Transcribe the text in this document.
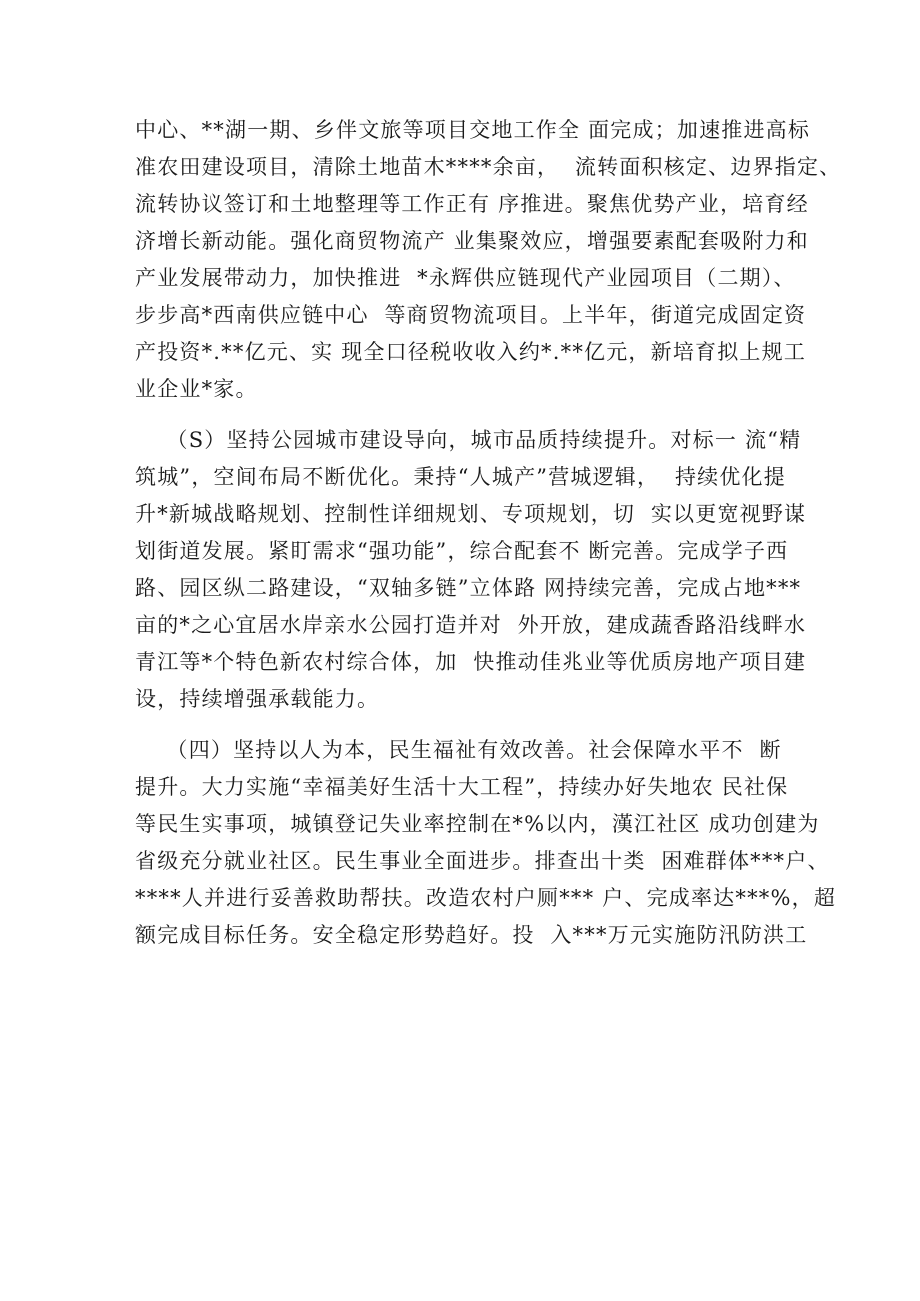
中心、**湖一期、乡伴文旅等项目交地工作全 面完成；加速推进高标

准农田建设项目，清除土地苗木****余亩，  流转面积核定、边界指定、

流转协议签订和土地整理等工作正有 序推进。聚焦优势产业，培育经

济增长新动能。强化商贸物流产 业集聚效应，增强要素配套吸附力和

产业发展带动力，加快推进  *永辉供应链现代产业园项目（二期）、

步步高*西南供应链中心  等商贸物流项目。上半年，街道完成固定资

产投资*.**亿元、实 现全口径税收收入约*.**亿元，新培育拟上规工

业企业*家。

（S）坚持公园城市建设导向，城市品质持续提升。对标一 流“精

筑城”，空间布局不断优化。秉持“人城产”营城逻辑，  持续优化提

升*新城战略规划、控制性详细规划、专项规划，切  实以更宽视野谋

划街道发展。紧盯需求“强功能”，综合配套不 断完善。完成学子西

路、园区纵二路建设，“双轴多链”立体路 网持续完善，完成占地***

亩的*之心宜居水岸亲水公园打造并对  外开放，建成蔬香路沿线畔水

青江等*个特色新农村综合体，加  快推动佳兆业等优质房地产项目建

设，持续增强承载能力。

（四）坚持以人为本，民生福祉有效改善。社会保障水平不  断

提升。大力实施“幸福美好生活十大工程”，持续办好失地农 民社保

等民生实事项，城镇登记失业率控制在*%以内，漢江社区 成功创建为

省级充分就业社区。民生事业全面进步。排查出十类  困难群体***户、

****人并进行妥善救助帮扶。改造农村户厕*** 户、完成率达***%，超

额完成目标任务。安全稳定形势趋好。投  入***万元实施防汛防洪工
